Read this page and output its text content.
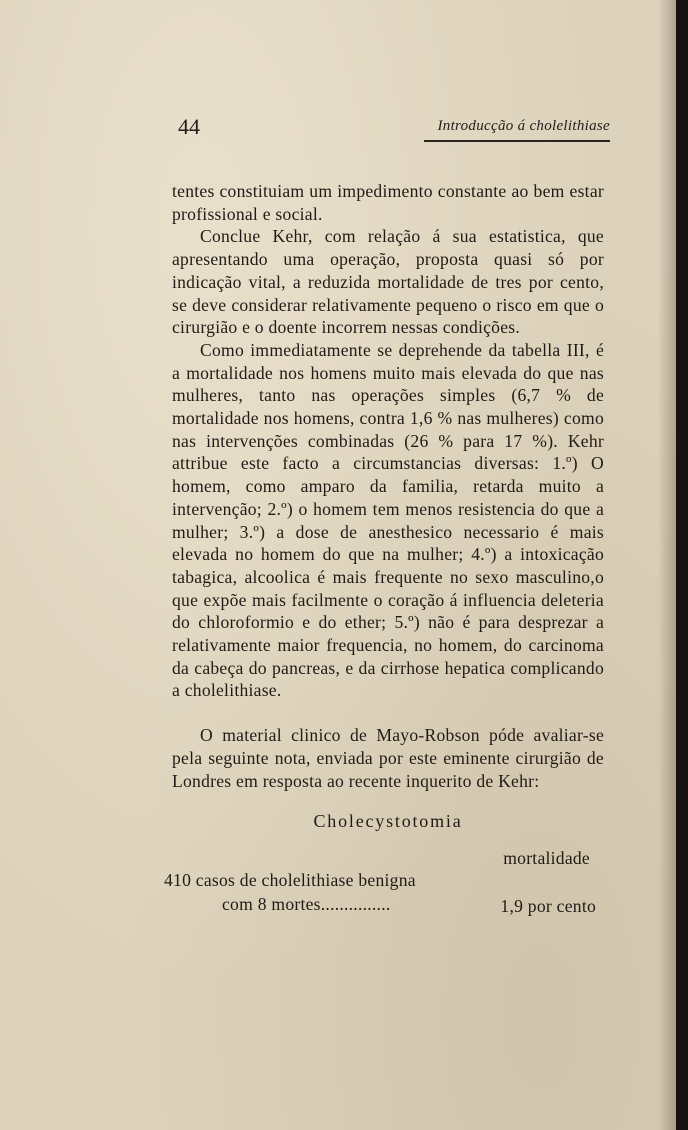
44	Introducção á cholelithiase

tentes constituiam um impedimento constante ao bem estar profissional e social.

Conclue Kehr, com relação á sua estatistica, que apresentando uma operação, proposta quasi só por indicação vital, a reduzida mortalidade de tres por cento, se deve considerar relativamente pequeno o risco em que o cirurgião e o doente incorrem nessas condições.

Como immediatamente se deprehende da tabella III, é a mortalidade nos homens muito mais elevada do que nas mulheres, tanto nas operações simples (6,7 % de mortalidade nos homens, contra 1,6 % nas mulheres) como nas intervenções combinadas (26 % para 17 %). Kehr attribue este facto a circumstancias diversas: 1.º) O homem, como amparo da familia, retarda muito a intervenção; 2.º) o homem tem menos resistencia do que a mulher; 3.º) a dose de anesthesico necessario é mais elevada no homem do que na mulher; 4.º) a intoxicação tabagica, alcoolica é mais frequente no sexo masculino,o que expõe mais facilmente o coração á influencia deleteria do chloroformio e do ether; 5.º) não é para desprezar a relativamente maior frequencia, no homem, do carcinoma da cabeça do pancreas, e da cirrhose hepatica complicando a cholelithiase.

O material clinico de Mayo-Robson póde avaliar-se pela seguinte nota, enviada por este eminente cirurgião de Londres em resposta ao recente inquerito de Kehr:

Cholecystotomia

mortalidade
410 casos de cholelithiase benigna
com 8 mortes...............	1,9 por cento
